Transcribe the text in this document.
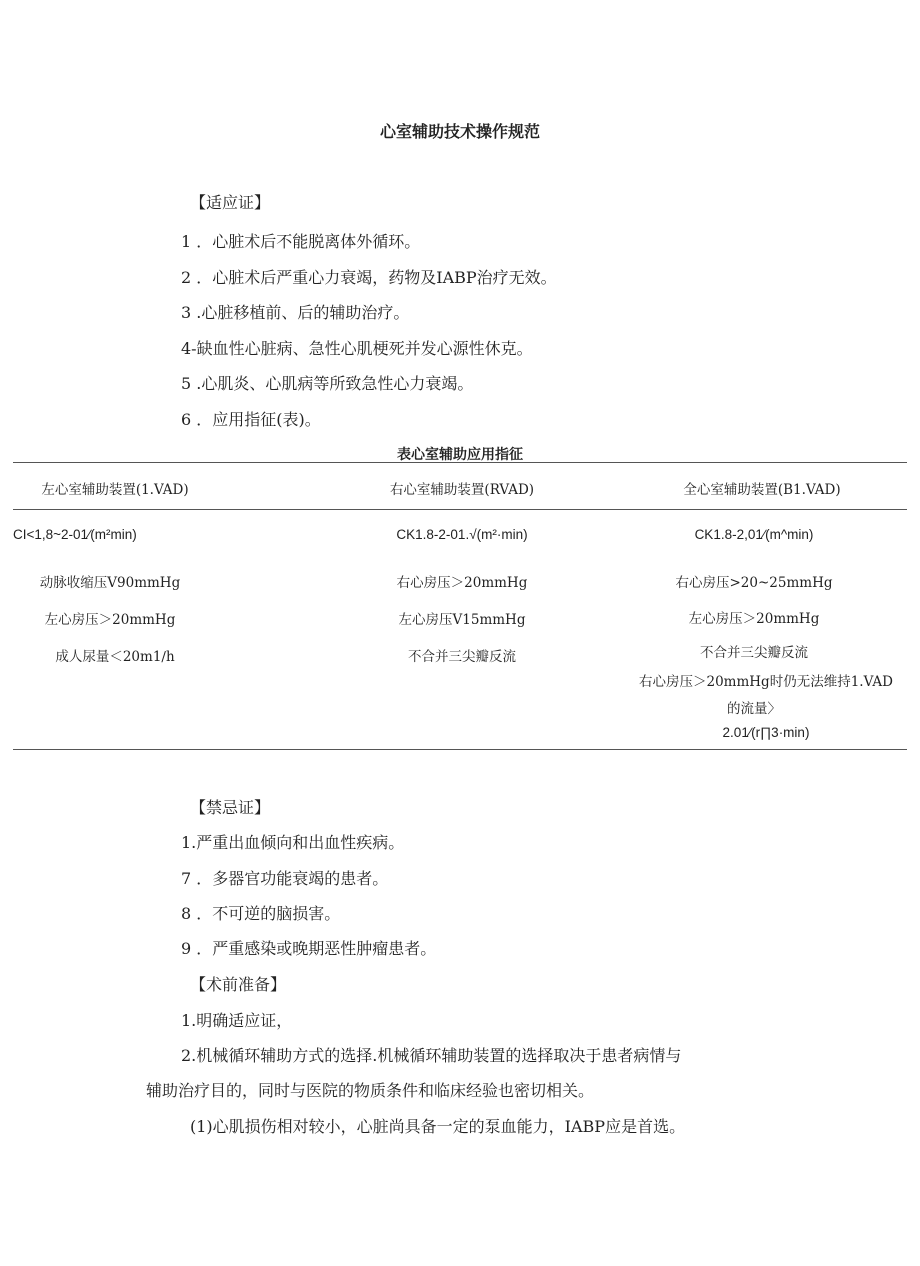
心室辅助技术操作规范
【适应证】
1 ．心脏术后不能脱离体外循环。
2 ．心脏术后严重心力衰竭，药物及IABP治疗无效。
3 .心脏移植前、后的辅助治疗。
4-缺血性心脏病、急性心肌梗死并发心源性休克。
5 .心肌炎、心肌病等所致急性心力衰竭。
6 ．应用指征(表)。
表心室辅助应用指征
左心室辅助装置(1.VAD)	右心室辅助装置(RVAD)	全心室辅助装置(B1.VAD)
CI<1,8~2-01∕(m²min)
动脉收缩压V90mmHg
左心房压＞20mmHg
成人尿量＜20m1∕h
CK1.8-2-01.√(m²·min)
右心房压＞20mmHg
左心房压V15mmHg
不合并三尖瓣反流
CK1.8-2,01∕(m^min)
右心房压>20~25mmHg
左心房压＞20mmHg
不合并三尖瓣反流
右心房压＞20mmHg时仍无法维持1.VAD
的流量〉
2.01∕(r∏3·min)
【禁忌证】
1.严重出血倾向和出血性疾病。
7 ．多器官功能衰竭的患者。
8 ．不可逆的脑损害。
9 ．严重感染或晚期恶性肿瘤患者。
【术前准备】
1.明确适应证，
2.机械循环辅助方式的选择.机械循环辅助装置的选择取决于患者病情与
辅助治疗目的，同时与医院的物质条件和临床经验也密切相关。
(1)心肌损伤相对较小，心脏尚具备一定的泵血能力，IABP应是首选。
